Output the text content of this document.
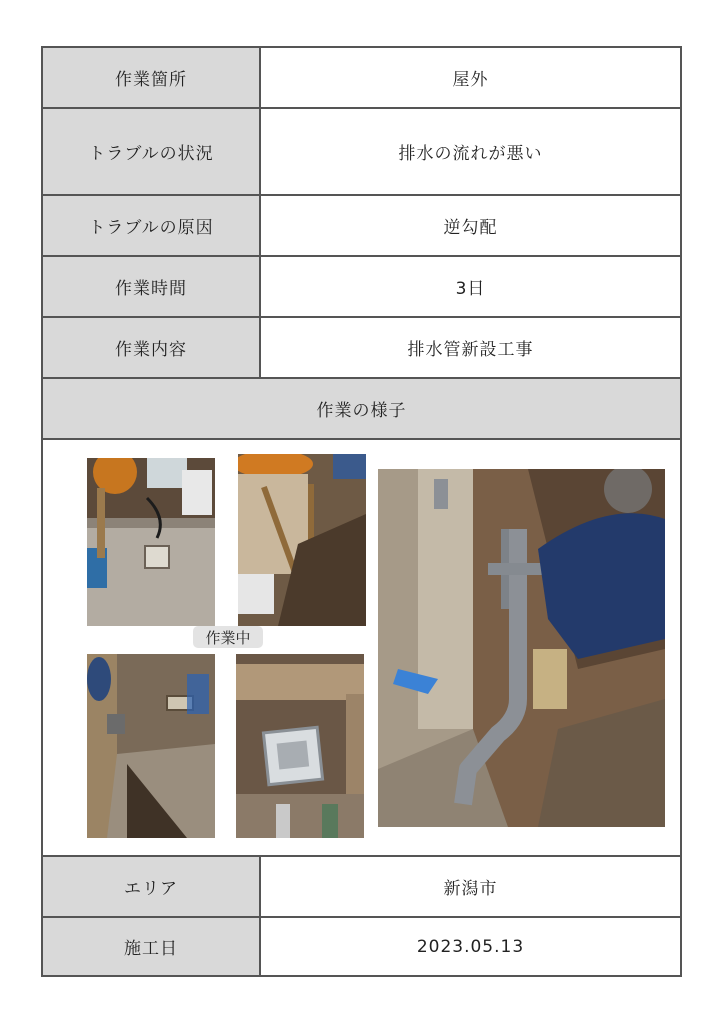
作業箇所	屋外
トラブルの状況	排水の流れが悪い
トラブルの原因	逆勾配
作業時間	3日
作業内容	排水管新設工事
作業の様子
作業中
エリア	新潟市
施工日	2023.05.13
